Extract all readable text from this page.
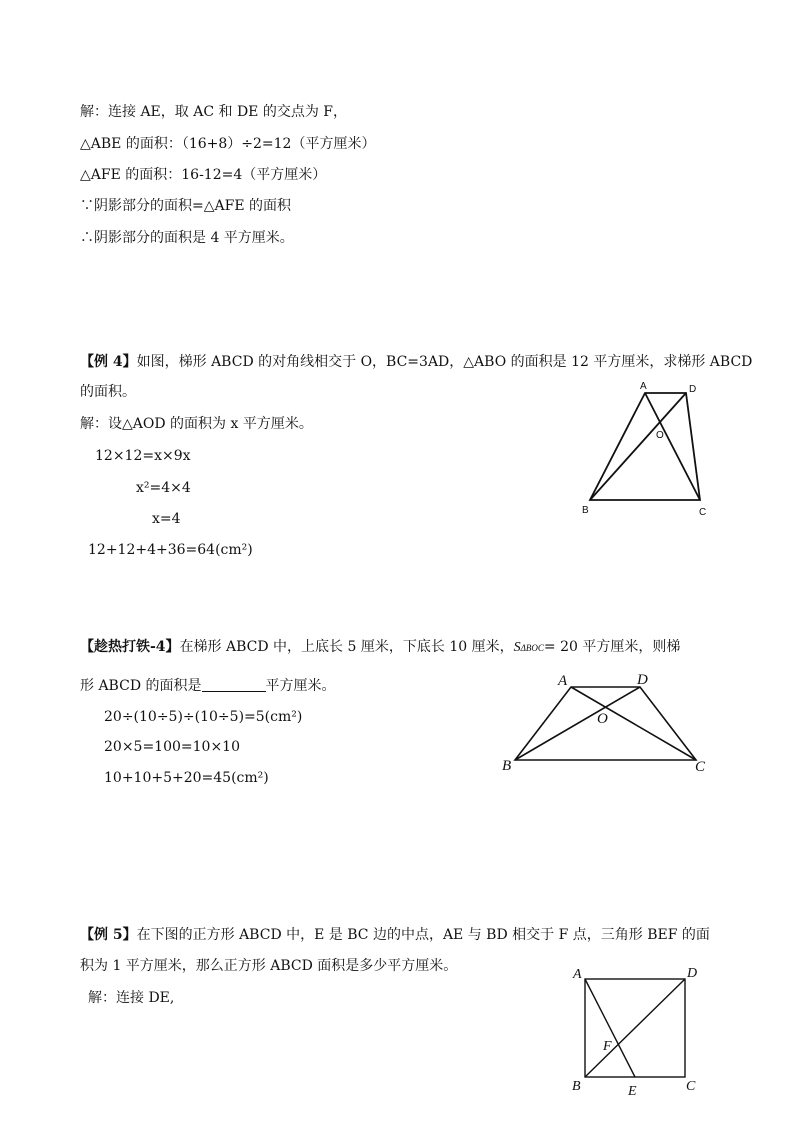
解：连接 AE，取 AC 和 DE 的交点为 F，
△ABE 的面积：（16+8）÷2=12（平方厘米）
△AFE 的面积：16-12=4（平方厘米）
∵阴影部分的面积=△AFE 的面积
∴阴影部分的面积是 4 平方厘米。
【例 4】如图，梯形 ABCD 的对角线相交于 O，BC=3AD，△ABO 的面积是 12 平方厘米，求梯形 ABCD
的面积。
解：设△AOD 的面积为 x 平方厘米。
12×12=x×9x
x²=4×4
x=4
12+12+4+36=64(cm²)
A	D
O
B	C
【趁热打铁-4】在梯形 ABCD 中，上底长 5 厘米，下底长 10 厘米，SΔBOC= 20 平方厘米，则梯
形 ABCD 的面积是	平方厘米。
20÷(10÷5)÷(10÷5)=5(cm²)
20×5=100=10×10
10+10+5+20=45(cm²)
A	D
O
B	C
【例 5】在下图的正方形 ABCD 中，E 是 BC 边的中点，AE 与 BD 相交于 F 点，三角形 BEF 的面
积为 1 平方厘米，那么正方形 ABCD 面积是多少平方厘米。
解：连接 DE,
A	D
F
B	E	C
